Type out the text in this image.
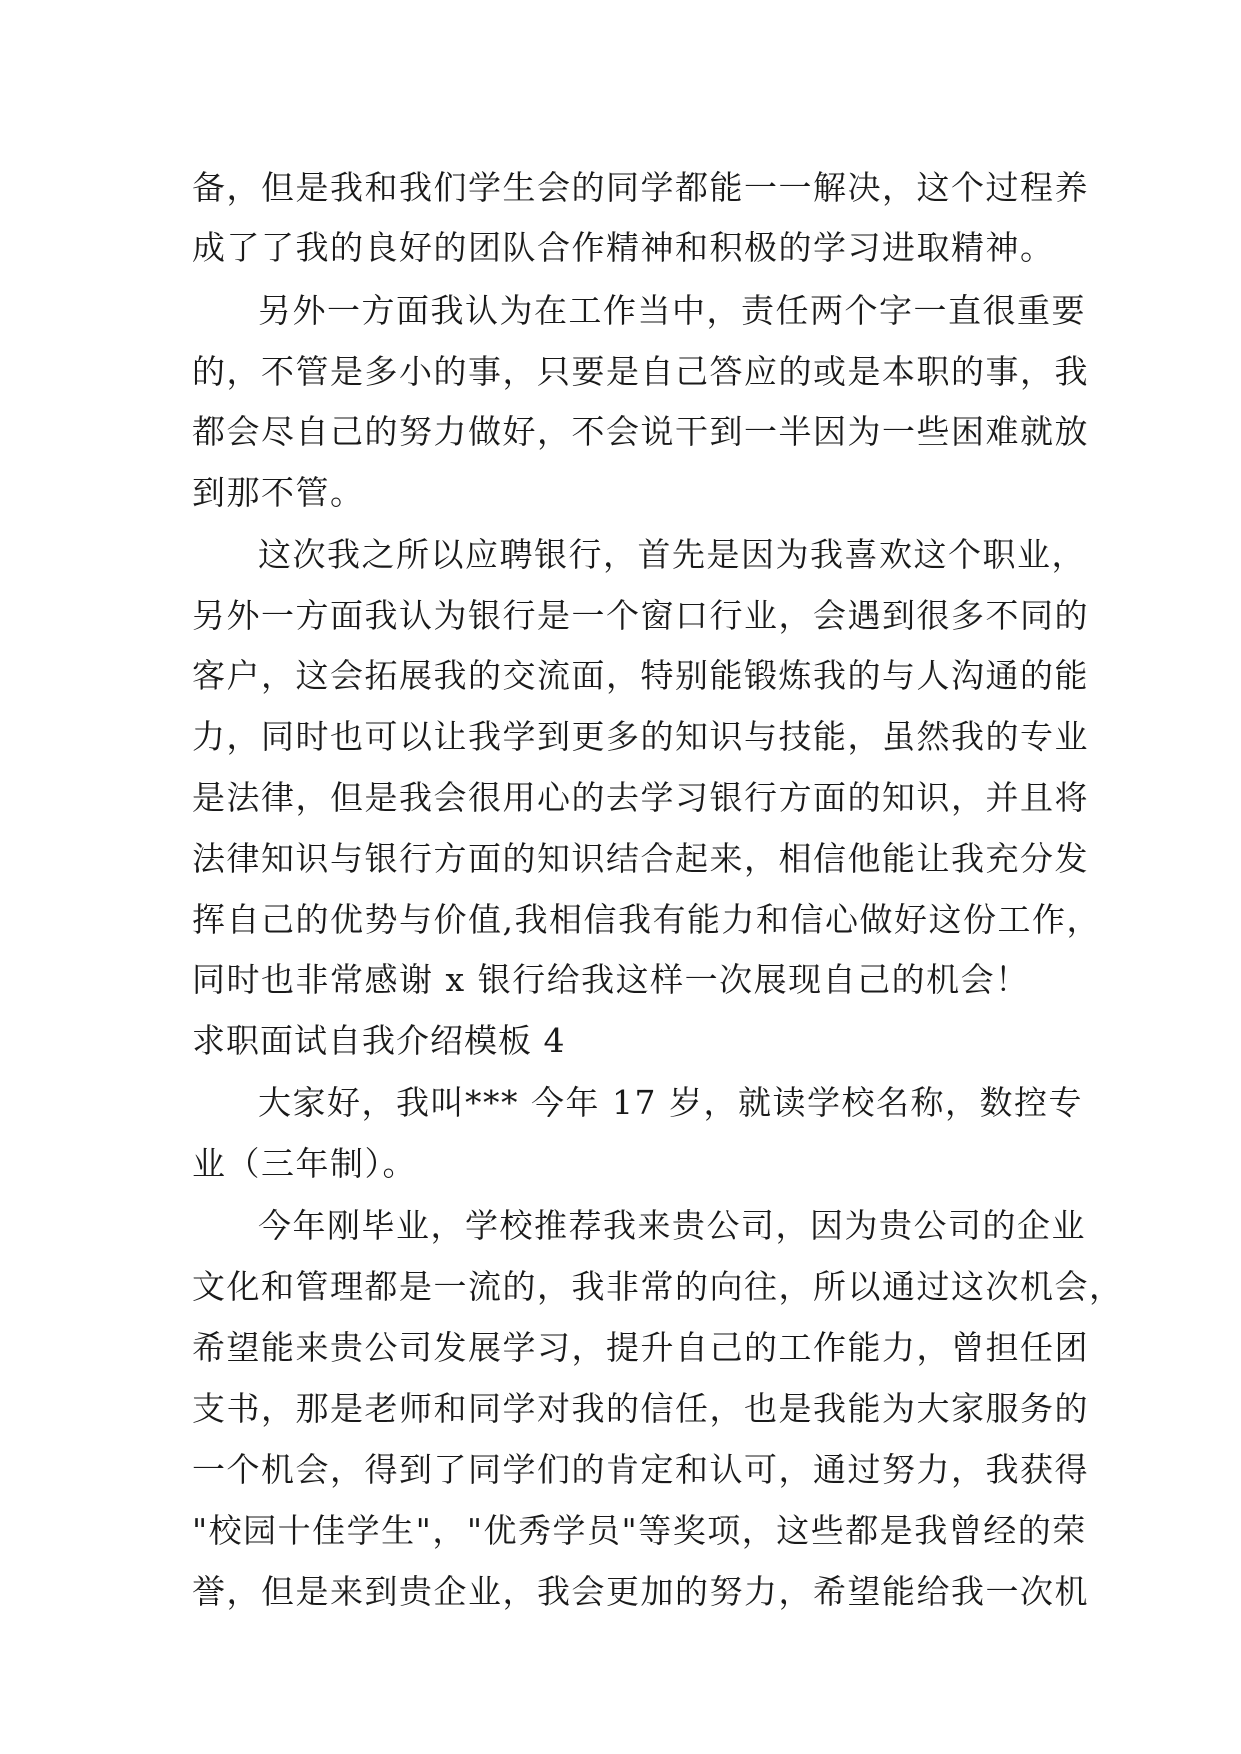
备，但是我和我们学生会的同学都能一一解决，这个过程养
成了了我的良好的团队合作精神和积极的学习进取精神。
另外一方面我认为在工作当中，责任两个字一直很重要
的，不管是多小的事，只要是自己答应的或是本职的事，我
都会尽自己的努力做好，不会说干到一半因为一些困难就放
到那不管。
这次我之所以应聘银行，首先是因为我喜欢这个职业，
另外一方面我认为银行是一个窗口行业，会遇到很多不同的
客户，这会拓展我的交流面，特别能锻炼我的与人沟通的能
力，同时也可以让我学到更多的知识与技能，虽然我的专业
是法律，但是我会很用心的去学习银行方面的知识，并且将
法律知识与银行方面的知识结合起来，相信他能让我充分发
挥自己的优势与价值,我相信我有能力和信心做好这份工作，
同时也非常感谢 x 银行给我这样一次展现自己的机会！
求职面试自我介绍模板 4
大家好，我叫*** 今年 17 岁，就读学校名称，数控专
业（三年制）。
今年刚毕业，学校推荐我来贵公司，因为贵公司的企业
文化和管理都是一流的，我非常的向往，所以通过这次机会，
希望能来贵公司发展学习，提升自己的工作能力，曾担任团
支书，那是老师和同学对我的信任，也是我能为大家服务的
一个机会，得到了同学们的肯定和认可，通过努力，我获得
"校园十佳学生"，"优秀学员"等奖项，这些都是我曾经的荣
誉，但是来到贵企业，我会更加的努力，希望能给我一次机
